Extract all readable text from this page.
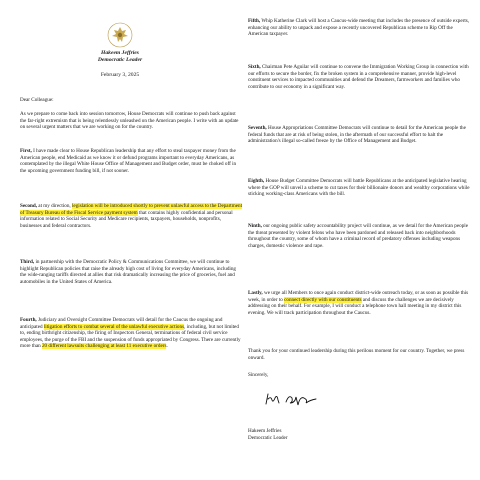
Hakeem Jeffries
Democratic Leader
February 3, 2025
Dear Colleague:
As we prepare to come back into session tomorrow, House Democrats will continue to push back against the far-right extremism that is being relentlessly unleashed on the American people. I write with an update on several urgent matters that we are working on for the country.
First, I have made clear to House Republican leadership that any effort to steal taxpayer money from the American people, end Medicaid as we know it or defund programs important to everyday Americans, as contemplated by the illegal White House Office of Management and Budget order, must be choked off in the upcoming government funding bill, if not sooner.
Second, at my direction, legislation will be introduced shortly to prevent unlawful access to the Department of Treasury Bureau of the Fiscal Service payment system that contains highly confidential and personal information related to Social Security and Medicare recipients, taxpayers, households, nonprofits, businesses and federal contractors.
Third, in partnership with the Democratic Policy & Communications Committee, we will continue to highlight Republican policies that raise the already high cost of living for everyday Americans, including the wide-ranging tariffs directed at allies that risk dramatically increasing the price of groceries, fuel and automobiles in the United States of America.
Fourth, Judiciary and Oversight Committee Democrats will detail for the Caucus the ongoing and anticipated litigation efforts to combat several of the unlawful executive actions, including, but not limited to, ending birthright citizenship, the firing of Inspectors General, terminations of federal civil service employees, the purge of the FBI and the suspension of funds appropriated by Congress. There are currently more than 20 different lawsuits challenging at least 11 executive orders.
Fifth, Whip Katherine Clark will host a Caucus-wide meeting that includes the presence of outside experts, enhancing our ability to unpack and expose a recently uncovered Republican scheme to Rip Off the American taxpayer.
Sixth, Chairman Pete Aguilar will continue to convene the Immigration Working Group in connection with our efforts to secure the border, fix the broken system in a comprehensive manner, provide high-level constituent services to impacted communities and defend the Dreamers, farmworkers and families who contribute to our economy in a significant way.
Seventh, House Appropriations Committee Democrats will continue to detail for the American people the federal funds that are at risk of being stolen, in the aftermath of our successful effort to halt the administration's illegal so-called freeze by the Office of Management and Budget.
Eighth, House Budget Committee Democrats will battle Republicans at the anticipated legislative hearing where the GOP will unveil a scheme to cut taxes for their billionaire donors and wealthy corporations while sticking working-class Americans with the bill.
Ninth, our ongoing public safety accountability project will continue, as we detail for the American people the threat presented by violent felons who have been pardoned and released back into neighborhoods throughout the country, some of whom have a criminal record of predatory offenses including weapons charges, domestic violence and rape.
Lastly, we urge all Members to once again conduct district-wide outreach today, or as soon as possible this week, in order to connect directly with our constituents and discuss the challenges we are decisively addressing on their behalf. For example, I will conduct a telephone town hall meeting in my district this evening. We will track participation throughout the Caucus.
Thank you for your continued leadership during this perilous moment for our country. Together, we press onward.
Sincerely,
Hakeem Jeffries
Democratic Leader
